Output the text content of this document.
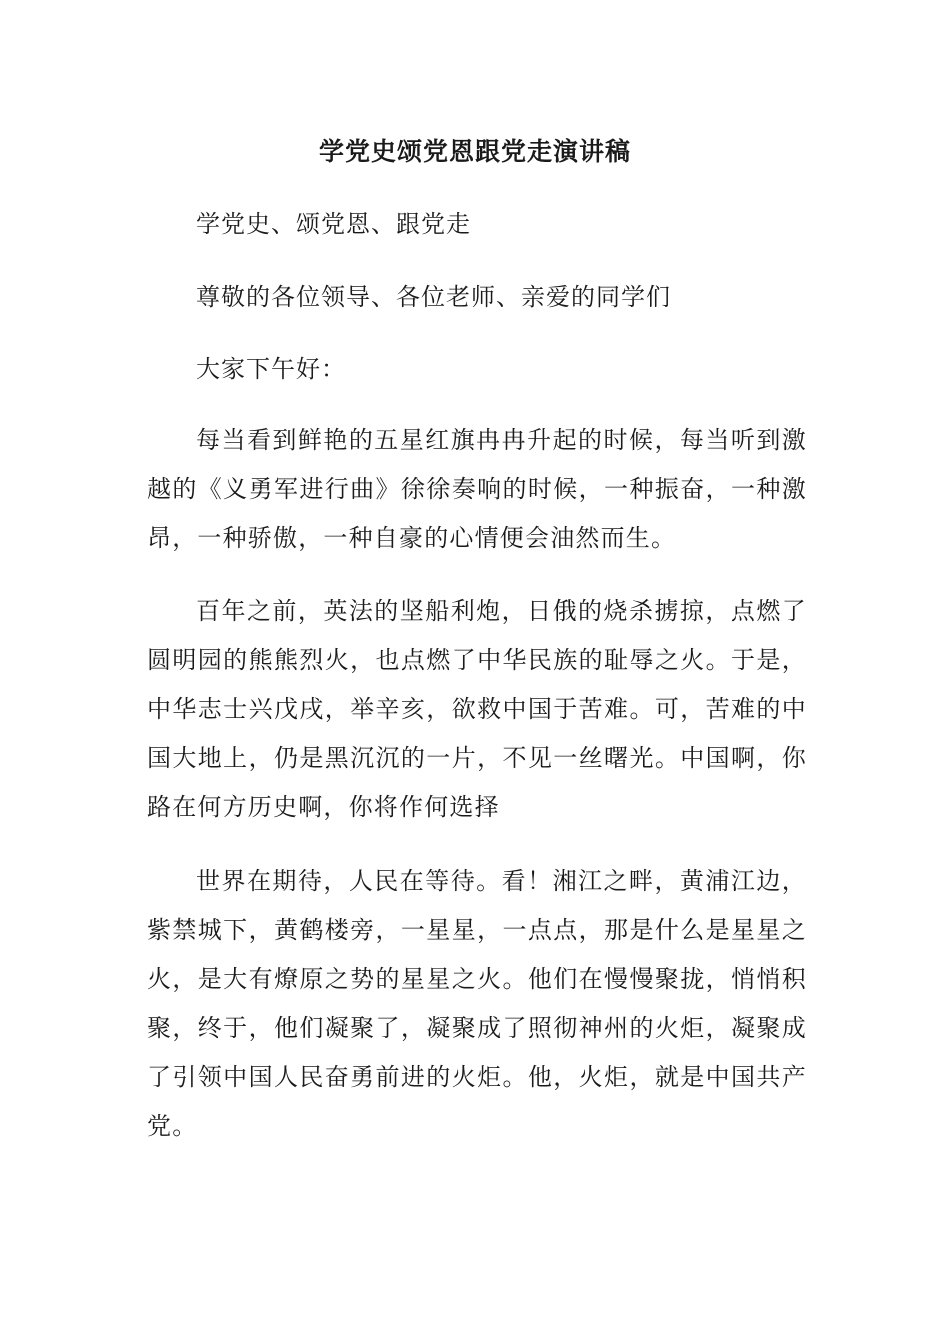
学党史颂党恩跟党走演讲稿
学党史、颂党恩、跟党走
尊敬的各位领导、各位老师、亲爱的同学们
大家下午好：
每当看到鲜艳的五星红旗冉冉升起的时候，每当听到激越的《义勇军进行曲》徐徐奏响的时候，一种振奋，一种激昂，一种骄傲，一种自豪的心情便会油然而生。
百年之前，英法的坚船利炮，日俄的烧杀掳掠，点燃了圆明园的熊熊烈火，也点燃了中华民族的耻辱之火。于是，中华志士兴戊戌，举辛亥，欲救中国于苦难。可，苦难的中国大地上，仍是黑沉沉的一片，不见一丝曙光。中国啊，你路在何方历史啊，你将作何选择
世界在期待，人民在等待。看！湘江之畔，黄浦江边，紫禁城下，黄鹤楼旁，一星星，一点点，那是什么是星星之火，是大有燎原之势的星星之火。他们在慢慢聚拢，悄悄积聚，终于，他们凝聚了，凝聚成了照彻神州的火炬，凝聚成了引领中国人民奋勇前进的火炬。他，火炬，就是中国共产党。
